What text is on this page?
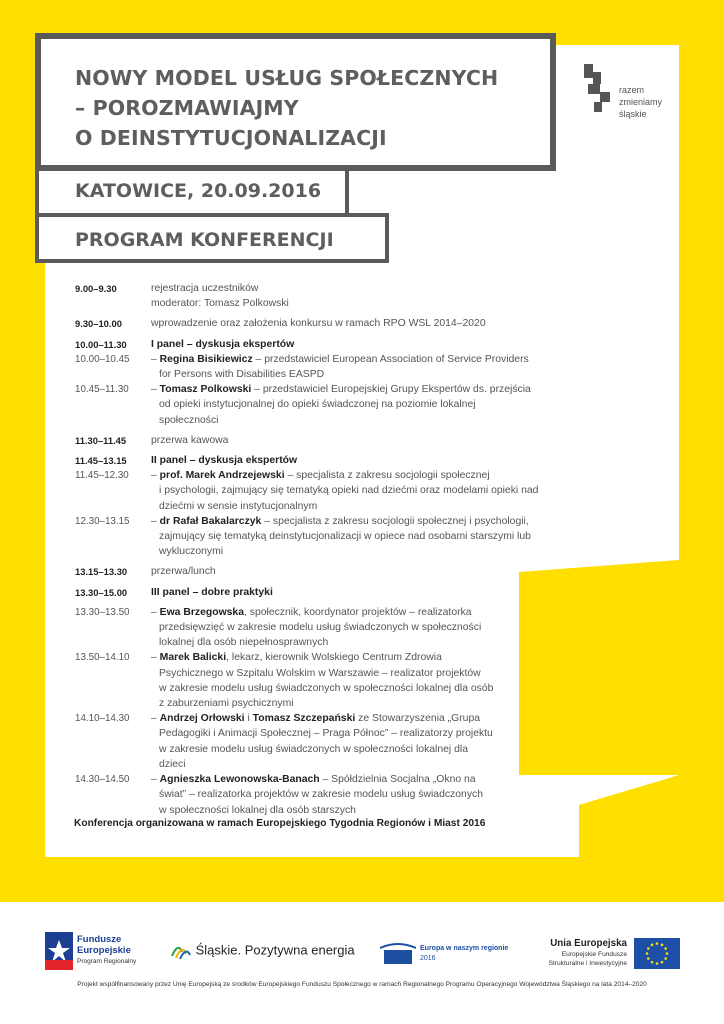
NOWY MODEL USŁUG SPOŁECZNYCH
– POROZMAWIAJMY
O DEINSTYTUCJONALIZACJI
KATOWICE, 20.09.2016
PROGRAM KONFERENCJI
razem
zmieniamy
śląskie
9.00–9.30	rejestracja uczestników
moderator: Tomasz Polkowski
9.30–10.00	wprowadzenie oraz założenia konkursu w ramach RPO WSL 2014–2020
10.00–11.30	I panel – dyskusja ekspertów
10.00–10.45	– Regina Bisikiewicz – przedstawiciel European Association of Service Providers
for Persons with Disabilities EASPD
10.45–11.30	– Tomasz Polkowski – przedstawiciel Europejskiej Grupy Ekspertów ds. przejścia
od opieki instytucjonalnej do opieki świadczonej na poziomie lokalnej
społeczności
11.30–11.45	przerwa kawowa
11.45–13.15	II panel – dyskusja ekspertów
11.45–12.30	– prof. Marek Andrzejewski – specjalista z zakresu socjologii społecznej
i psychologii, zajmujący się tematyką opieki nad dziećmi oraz modelami opieki nad
dziećmi w sensie instytucjonalnym
12.30–13.15	– dr Rafał Bakalarczyk – specjalista z zakresu socjologii społecznej i psychologii,
zajmujący się tematyką deinstytucjonalizacji w opiece nad osobami starszymi lub
wykluczonymi
13.15–13.30	przerwa/lunch
13.30–15.00	III panel – dobre praktyki
13.30–13.50	– Ewa Brzegowska, społecznik, koordynator projektów – realizatorka
przedsięwzięć w zakresie modelu usług świadczonych w społeczności
lokalnej dla osób niepełnosprawnych
13.50–14.10	– Marek Balicki, lekarz, kierownik Wolskiego Centrum Zdrowia
Psychicznego w Szpitalu Wolskim w Warszawie – realizator projektów
w zakresie modelu usług świadczonych w społeczności lokalnej dla osób
z zaburzeniami psychicznymi
14.10–14.30	– Andrzej Orłowski i Tomasz Szczepański ze Stowarzyszenia „Grupa
Pedagogiki i Animacji Społecznej – Praga Północ” – realizatorzy projektu
w zakresie modelu usług świadczonych w społeczności lokalnej dla
dzieci
14.30–14.50	– Agnieszka Lewonowska-Banach – Spółdzielnia Socjalna „Okno na
świat” – realizatorka projektów w zakresie modelu usług świadczonych
w społeczności lokalnej dla osób starszych
Konferencja organizowana w ramach Europejskiego Tygodnia Regionów i Miast 2016
Fundusze
Europejskie
Program Regionalny
Śląskie. Pozytywna energia	Europa w naszym regionie
2016
Unia Europejska
Europejskie Fundusze
Strukturalne i Inwestycyjne
Projekt współfinansowany przez Unię Europejską ze środków Europejskiego Funduszu Społecznego w ramach Regionalnego Programu Operacyjnego Województwa Śląskiego na lata 2014–2020
